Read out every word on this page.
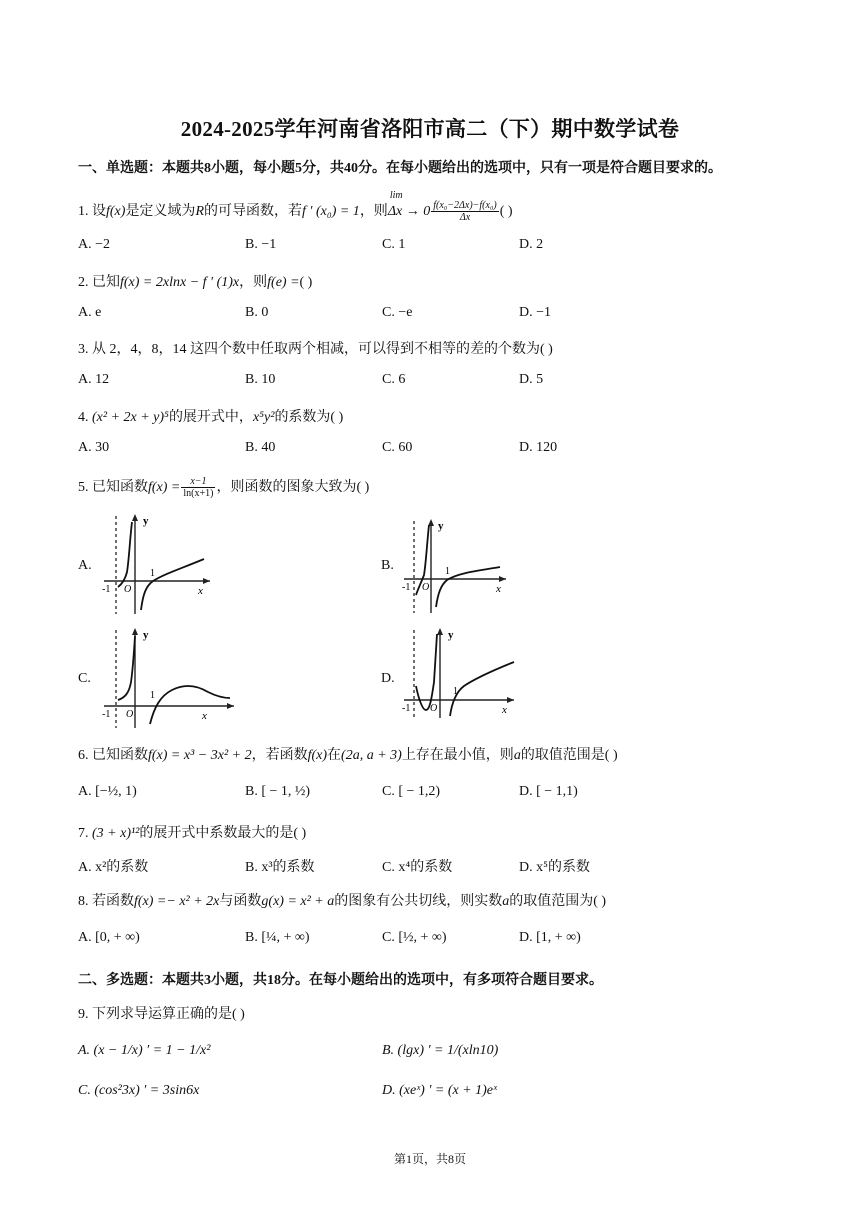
2024-2025学年河南省洛阳市高二（下）期中数学试卷
一、单选题：本题共8小题，每小题5分，共40分。在每小题给出的选项中，只有一项是符合题目要求的。
1. 设f(x)是定义域为R的可导函数，若f ′ (x₀) = 1，则
lim
$\Delta x \to 0 \frac{\text{f(x₀−2Δx)−f(x₀)}}{\Delta x}$ ( )
A. −2	B. −1	C. 1	D. 2
2. 已知f(x) = 2xlnx − f ′ (1)x，则f(e) =( )
A. e	B. 0	C. −e	D. −1
3. 从 2，4，8，14 这四个数中任取两个相减，可以得到不相等的差的个数为( )
A. 12	B. 10	C. 6	D. 5
4. (x² + 2x + y)⁵的展开式中，x⁵y²的系数为( )
A. 30	B. 40	C. 60	D. 120
5. 已知函数$f(x) = \frac{x-1}{\ln(x+1)}$ ，则函数的图象大致为( )
A.	B.
C.	D.
y
x
O
1
-1
y
x
O
1
-1
y
x
O
1
-1
y
x
O
1
-1
6. 已知函数f(x) = x³ − 3x² + 2，若函数f(x)在(2a, a + 3)上存在最小值，则a的取值范围是( )
A. [−½, 1)	B. [ − 1, ½)	C. [ − 1,2)	D. [ − 1,1)
7. (3 + x)¹²的展开式中系数最大的是( )
A. x²的系数	B. x³的系数	C. x⁴的系数	D. x⁵的系数
8. 若函数f(x) =− x² + 2x与函数g(x) = x² + a的图象有公共切线，则实数a的取值范围为( )
A. [0, + ∞)	B. [¼, + ∞)	C. [½, + ∞)	D. [1, + ∞)
二、多选题：本题共3小题，共18分。在每小题给出的选项中，有多项符合题目要求。
9. 下列求导运算正确的是( )
A. (x − 1/x) ′ = 1 − 1/x²	B. (lgx) ′ = 1/(xln10)
C. (cos²3x) ′ = 3sin6x	D. (xeˣ) ′ = (x + 1)eˣ
第1页，共8页
